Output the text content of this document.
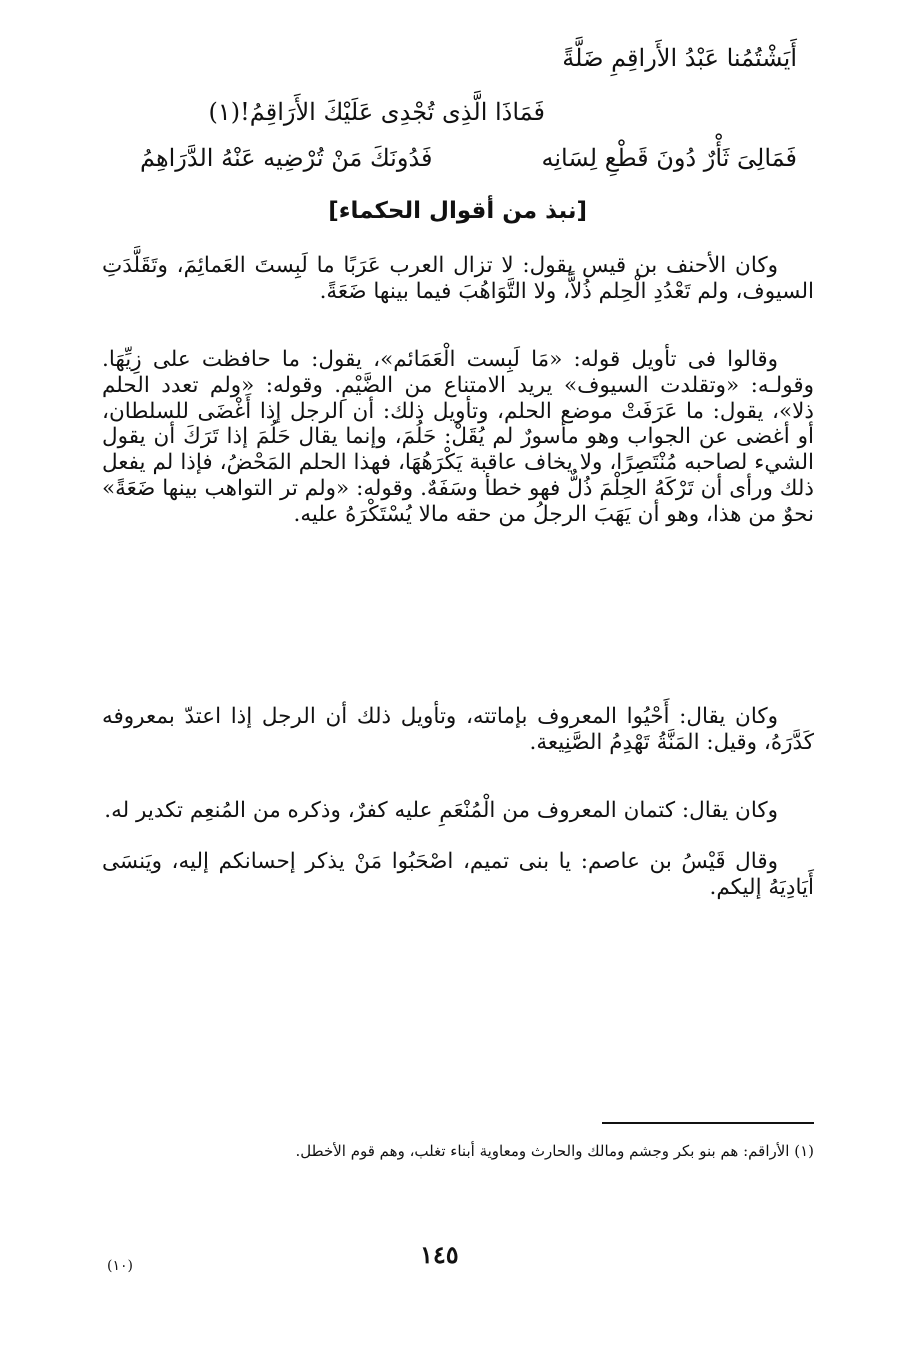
أَيَشْتُمُنا عَبْدُ الأَراقِمِ ضَلَّةً
فَمَاذَا الَّذِى تُجْدِى عَلَيْكَ الأَرَاقِمُ!(١)
فَمَالِىَ ثَأْرٌ دُونَ قَطْعِ لِسَانِه
فَدُونَكَ مَنْ تُرْضِيه عَنْهُ الدَّرَاهِمُ
[نبذ من أقوال الحكماء]
وكان الأحنف بن قيس يقول: لا تزال العرب عَرَبًا ما لَبِستَ العَمائِمَ، وتَقَلَّدَتِ السيوف، ولم تَعْدُدِ الْحِلم ذُلاًّ، ولا التَّوَاهُبَ فيما بينها ضَعَةً.
وقالوا فى تأويل قوله: «مَا لَبِست الْعَمَائم»، يقول: ما حافظت على زِيِّهَا. وقولـه: «وتقلدت السيوف» يريد الامتناع من الضَّيْمِ. وقوله: «ولم تعدد الحلم ذلا»، يقول: ما عَرَفَتْ موضع الحلم، وتأويل ذلك: أن الرجل إذا أَغْضَى للسلطان، أو أغضى عن الجواب وهو مأسورٌ لم يُقَلْ: حَلُمَ، وإنما يقال حَلُمَ إذا تَرَكَ أن يقول الشيء لصاحبه مُنْتَصِرًا، ولا يخاف عاقبة يَكْرَهُهَا، فهذا الحلم المَحْضُ، فإذا لم يفعل ذلك ورأى أن تَرْكَهُ الحِلْمَ ذُلٌّ فهو خطأ وسَفَهٌ. وقوله: «ولم تر التواهب بينها ضَعَةً» نحوٌ من هذا، وهو أن يَهَبَ الرجلُ من حقه مالا يُسْتَكْرَهُ عليه.
وكان يقال: أَحْيُوا المعروف بإماتته، وتأويل ذلك أن الرجل إذا اعتدّ بمعروفه كَدَّرَهُ، وقيل: المَنَّةُ تَهْدِمُ الصَّنِيعة.
وكان يقال: كتمان المعروف من الْمُنْعَمِ عليه كفرٌ، وذكره من المُنعِم تكدير له.
وقال قَيْسُ بن عاصم: يا بنى تميم، اصْحَبُوا مَنْ يذكر إحسانكم إليه، ويَنسَى أَيَادِيَهُ إليكم.
(١) الأراقم: هم بنو بكر وجشم ومالك والحارث ومعاوية أبناء تغلب، وهم قوم الأخطل.
١٤٥
(١٠)
